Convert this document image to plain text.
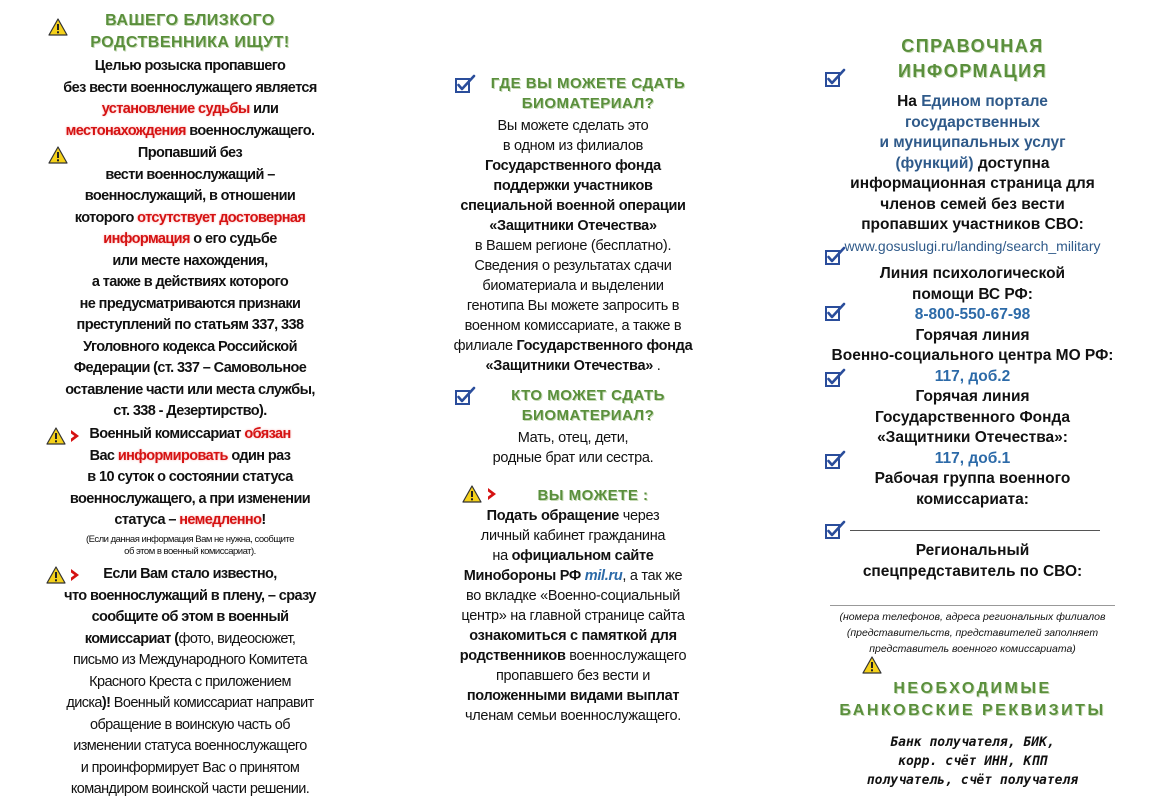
ВАШЕГО БЛИЗКОГО

РОДСТВЕННИКА ИЩУТ!

Целью розыска пропавшего

без вести военнослужащего является

установление судьбы или

местонахождения военнослужащего.

Пропавший без

вести военнослужащий –

военнослужащий, в отношении

которого отсутствует достоверная

информация о его судьбе

или месте нахождения,

а также в действиях которого

не предусматриваются признаки

преступлений по статьям 337, 338

Уголовного кодекса Российской

Федерации (ст. 337 – Самовольное

оставление части или места службы,

ст. 338 - Дезертирство).

Военный комиссариат обязан

Вас информировать один раз

в 10 суток о состоянии статуса

военнослужащего, а при изменении

статуса – немедленно!

(Если данная информация Вам не нужна, сообщите

об этом в военный комиссариат).

Если Вам стало известно,

что военнослужащий в плену, – сразу

сообщите об этом в военный

комиссариат (фото, видеосюжет,

письмо из Международного Комитета

Красного Креста с приложением

диска)! Военный комиссариат направит

обращение в воинскую часть об

изменении статуса военнослужащего

и проинформирует Вас о принятом

командиром воинской части решении.

ГДЕ ВЫ МОЖЕТЕ СДАТЬ

БИОМАТЕРИАЛ?

Вы можете сделать это

в одном из филиалов

Государственного фонда

поддержки участников

специальной военной операции

«Защитники Отечества»

в Вашем регионе (бесплатно).

Сведения о результатах сдачи

биоматериала и выделении

генотипа Вы можете запросить в

военном комиссариате, а также в

филиале Государственного фонда

«Защитники Отечества» .

КТО МОЖЕТ СДАТЬ

БИОМАТЕРИАЛ?

Мать, отец, дети,

родные брат или сестра.

ВЫ МОЖЕТЕ :

Подать обращение через

личный кабинет гражданина

на официальном сайте

Минобороны РФ mil.ru, а так же

во вкладке «Военно-социальный

центр» на главной странице сайта

ознакомиться с памяткой для

родственников военнослужащего

пропавшего без вести и

положенными видами выплат

членам семьи военнослужащего.

СПРАВОЧНАЯ

ИНФОРМАЦИЯ

На Едином портале

государственных

и муниципальных услуг

(функций) доступна

информационная страница для

членов семей без вести

пропавших участников СВО:

www.gosuslugi.ru/landing/search_military

Линия психологической

помощи ВС РФ:

8-800-550-67-98

Горячая линия

Военно-социального центра МО РФ:

117, доб.2

Горячая линия

Государственного Фонда

«Защитники Отечества»:

117, доб.1

Рабочая группа военного

комиссариата:

Региональный

спецпредставитель по СВО:

(номера телефонов, адреса региональных филиалов

(представительств, представителей заполняет

представитель военного комиссариата)

НЕОБХОДИМЫЕ

БАНКОВСКИЕ РЕКВИЗИТЫ

Банк получателя, БИК,

корр. счёт ИНН, КПП

получатель, счёт получателя
